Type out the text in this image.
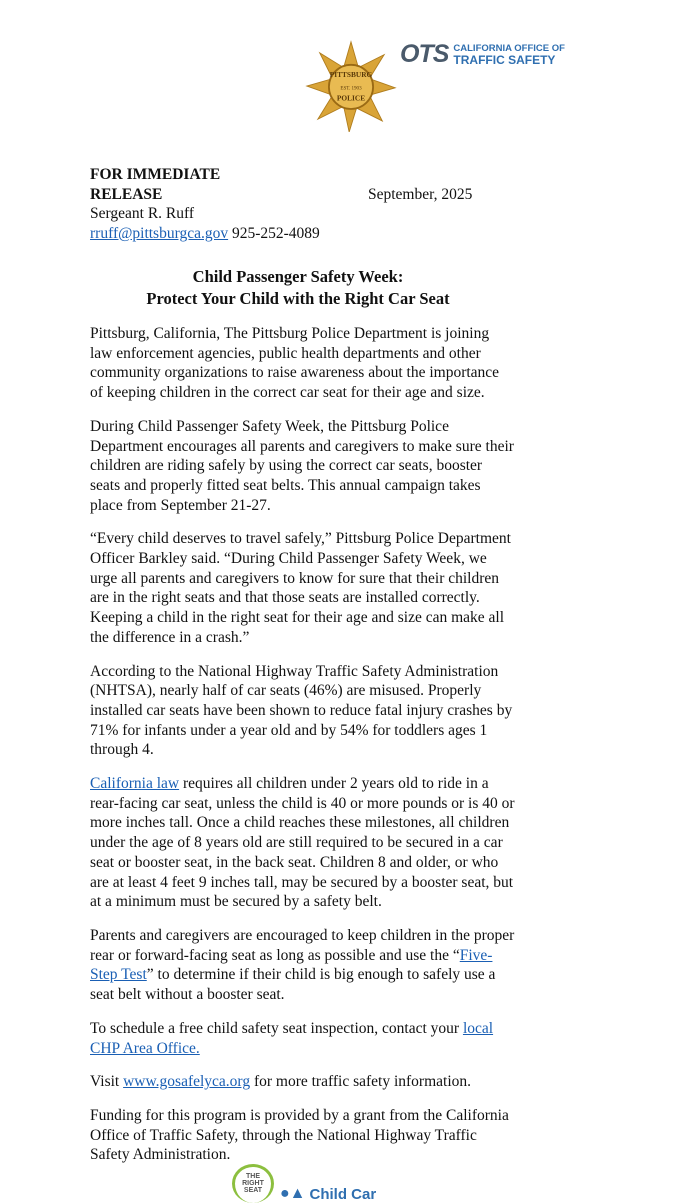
PITTSBURG
EST. 1903
POLICE
OTS CALIFORNIA OFFICE OF
TRAFFIC SAFETY
FOR IMMEDIATE
RELEASE	September, 2025
Sergeant R. Ruff
rruff@pittsburgca.gov 925-252-4089
Child Passenger Safety Week:
Protect Your Child with the Right Car Seat

Pittsburg, California, The Pittsburg Police Department is joining law enforcement agencies, public health departments and other community organizations to raise awareness about the importance of keeping children in the correct car seat for their age and size.

During Child Passenger Safety Week, the Pittsburg Police Department encourages all parents and caregivers to make sure their children are riding safely by using the correct car seats, booster seats and properly fitted seat belts. This annual campaign takes place from September 21-27.

“Every child deserves to travel safely,” Pittsburg Police Department Officer Barkley said. “During Child Passenger Safety Week, we urge all parents and caregivers to know for sure that their children are in the right seats and that those seats are installed correctly. Keeping a child in the right seat for their age and size can make all the difference in a crash.”

According to the National Highway Traffic Safety Administration (NHTSA), nearly half of car seats (46%) are misused. Properly installed car seats have been shown to reduce fatal injury crashes by 71% for infants under a year old and by 54% for toddlers ages 1 through 4.

California law requires all children under 2 years old to ride in a rear-facing car seat, unless the child is 40 or more pounds or is 40 or more inches tall. Once a child reaches these milestones, all children under the age of 8 years old are still required to be secured in a car seat or booster seat, in the back seat. Children 8 and older, or who are at least 4 feet 9 inches tall, may be secured by a booster seat, but at a minimum must be secured by a safety belt.

Parents and caregivers are encouraged to keep children in the proper rear or forward-facing seat as long as possible and use the “Five-Step Test” to determine if their child is big enough to safely use a seat belt without a booster seat.

To schedule a free child safety seat inspection, contact your local CHP Area Office.

Visit www.gosafelyca.org for more traffic safety information.

Funding for this program is provided by a grant from the California Office of Traffic Safety, through the National Highway Traffic Safety Administration.

THE RIGHT SEAT	●▲ Child Car
